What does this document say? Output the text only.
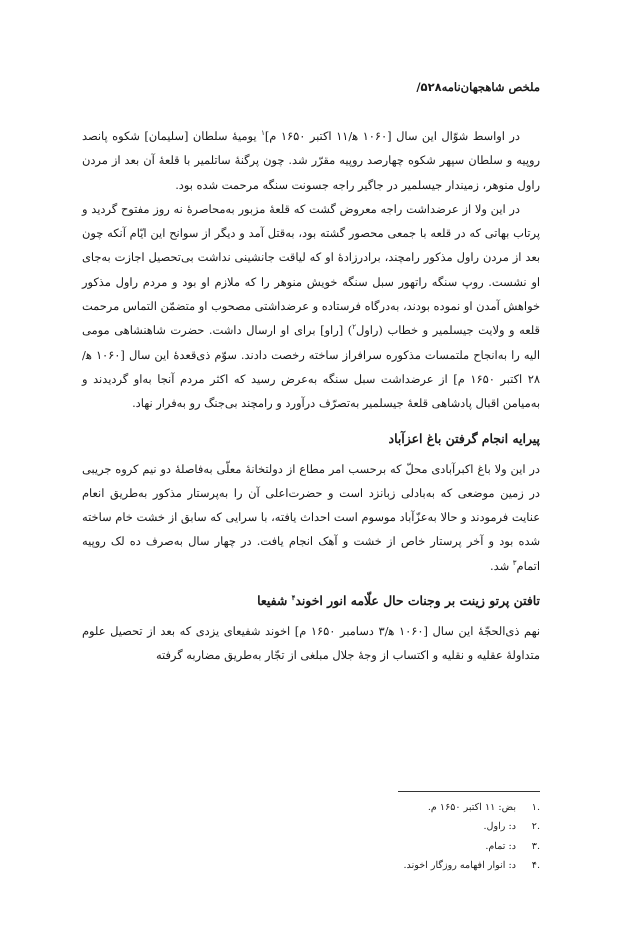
ملخص شاهجهان‌نامه۵۲۸/

در اواسط شوّال این سال [۱۰۶۰ ه‍/۱۱ اکتبر ۱۶۵۰ م]$^۱$ یومیهٔ سلطان [سلیمان] شکوه پانصد روپیه و سلطان سپهر شکوه چهارصد روپیه مقرّر شد. چون پرگنهٔ ساتلمیر با قلعهٔ آن بعد از مردن راول منوهر، زمیندار جیسلمیر در جاگیر راجه جسونت سنگه مرحمت شده بود.

در این ولا از عرضداشت راجه معروض گشت که قلعهٔ مزبور به‌محاصرهٔ نه روز مفتوح گردید و پرتاب بهاتی که در قلعه با جمعی محصور گشته بود، به‌قتل آمد و دیگر از سوانح این ایّام آنکه چون بعد از مردن راول مذکور رامچند، برادرزادهٔ او که لیاقت جانشینی نداشت بی‌تحصیل اجازت به‌جای او نشست. روپ سنگه راتهور سبل سنگه خویش منوهر را که ملازم او بود و مردم راول مذکور خواهش آمدن او نموده بودند، به‌درگاه فرستاده و عرضداشتی مصحوب او متضمّن التماس مرحمت قلعه و ولایت جیسلمیر و خطاب (راول$^۲$) [راو] برای او ارسال داشت. حضرت شاهنشاهی مومی الیه را به‌انجاح ملتمسات مذکوره سرافراز ساخته رخصت دادند. سوّم ذی‌قعدهٔ این سال [۱۰۶۰ ه‍/۲۸ اکتبر ۱۶۵۰ م] از عرضداشت سبل سنگه به‌عرض رسید که اکثر مردم آنجا به‌او گردیدند و به‌میامن اقبال پادشاهی قلعهٔ جیسلمیر به‌تصرّف درآورد و رامچند بی‌جنگ رو به‌فرار نهاد.

پیرایه انجام گرفتن باغ اعزآباد

در این ولا باغ اکبرآبادی محلّ که برحسب امر مطاع از دولتخانهٔ معلّی به‌فاصلهٔ دو نیم کروه جریبی در زمین موضعی که به‌بادلی زبانزد است و حضرت‌اعلی آن را به‌پرستار مذکور به‌طریق انعام عنایت فرمودند و حالا به‌عزّآباد موسوم است احداث یافته، با سرایی که سابق از خشت خام ساخته شده بود و آخر پرستار خاص از خشت و آهک انجام یافت. در چهار سال به‌صرف ده لک روپیه اتمام$^۳$ شد.

تافتن پرتو زینت بر وجنات حال علّامه انور اخوند$^۴$ شفیعا

نهم ذی‌الحجّهٔ این سال [۱۰۶۰ ه‍/۳ دسامبر ۱۶۵۰ م] اخوند شفیعای یزدی که بعد از تحصیل علوم متداولهٔ عقلیه و نقلیه و اکتساب از وجهٔ جلال مبلغی از تجّار به‌طریق مضاربه گرفته

.۱
بض: ۱۱ اکتبر ۱۶۵۰ م.
.۲
د: راول.
.۳
د: تمام.
.۴
د: انوار افهامه روزگار اخوند.
